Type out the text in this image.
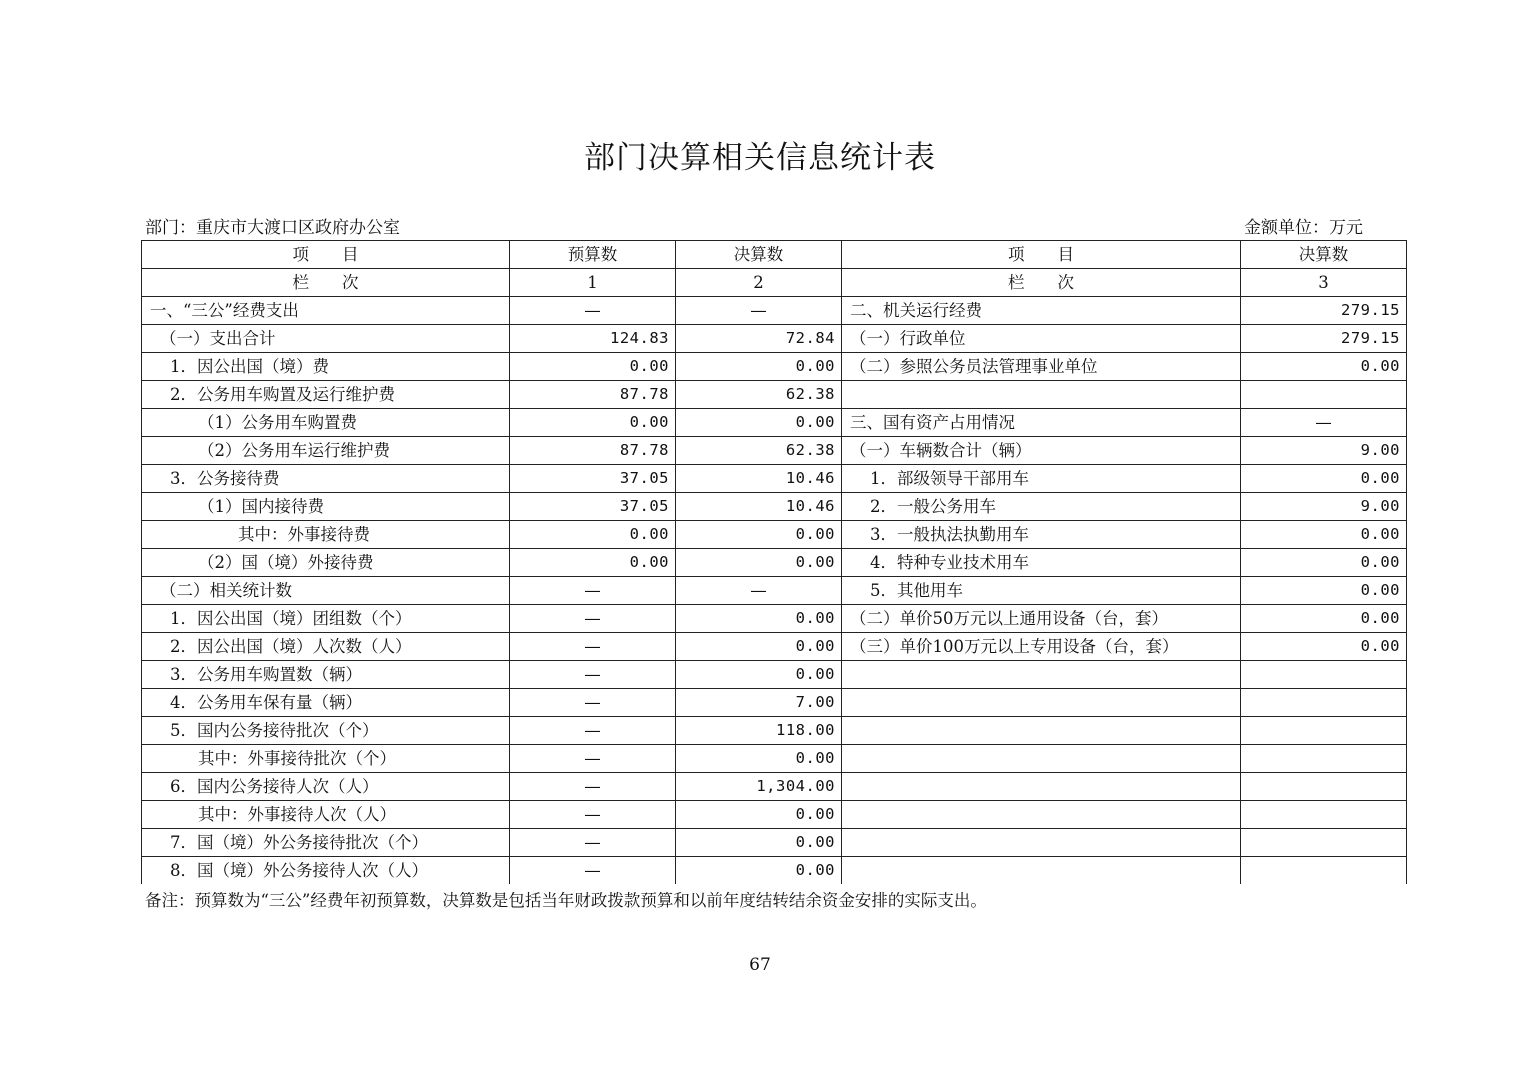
部门决算相关信息统计表
部门：重庆市大渡口区政府办公室	金额单位：万元
项　　目	预算数	决算数	项　　目	决算数
栏　　次	1	2	栏　　次	3
一、“三公”经费支出	—	—	二、机关运行经费	279.15
（一）支出合计	124.83	72.84	（一）行政单位	279.15
1．因公出国（境）费	0.00	0.00	（二）参照公务员法管理事业单位	0.00
2．公务用车购置及运行维护费	87.78	62.38		
（1）公务用车购置费	0.00	0.00	三、国有资产占用情况	—
（2）公务用车运行维护费	87.78	62.38	（一）车辆数合计（辆）	9.00
3．公务接待费	37.05	10.46	1．部级领导干部用车	0.00
（1）国内接待费	37.05	10.46	2．一般公务用车	9.00
其中：外事接待费	0.00	0.00	3．一般执法执勤用车	0.00
（2）国（境）外接待费	0.00	0.00	4．特种专业技术用车	0.00
（二）相关统计数	—	—	5．其他用车	0.00
1．因公出国（境）团组数（个）	—	0.00	（二）单价50万元以上通用设备（台，套）	0.00
2．因公出国（境）人次数（人）	—	0.00	（三）单价100万元以上专用设备（台，套）	0.00
3．公务用车购置数（辆）	—	0.00		
4．公务用车保有量（辆）	—	7.00		
5．国内公务接待批次（个）	—	118.00		
其中：外事接待批次（个）	—	0.00		
6．国内公务接待人次（人）	—	1,304.00		
其中：外事接待人次（人）	—	0.00		
7．国（境）外公务接待批次（个）	—	0.00		
8．国（境）外公务接待人次（人）	—	0.00		
备注：预算数为“三公”经费年初预算数，决算数是包括当年财政拨款预算和以前年度结转结余资金安排的实际支出。
67
